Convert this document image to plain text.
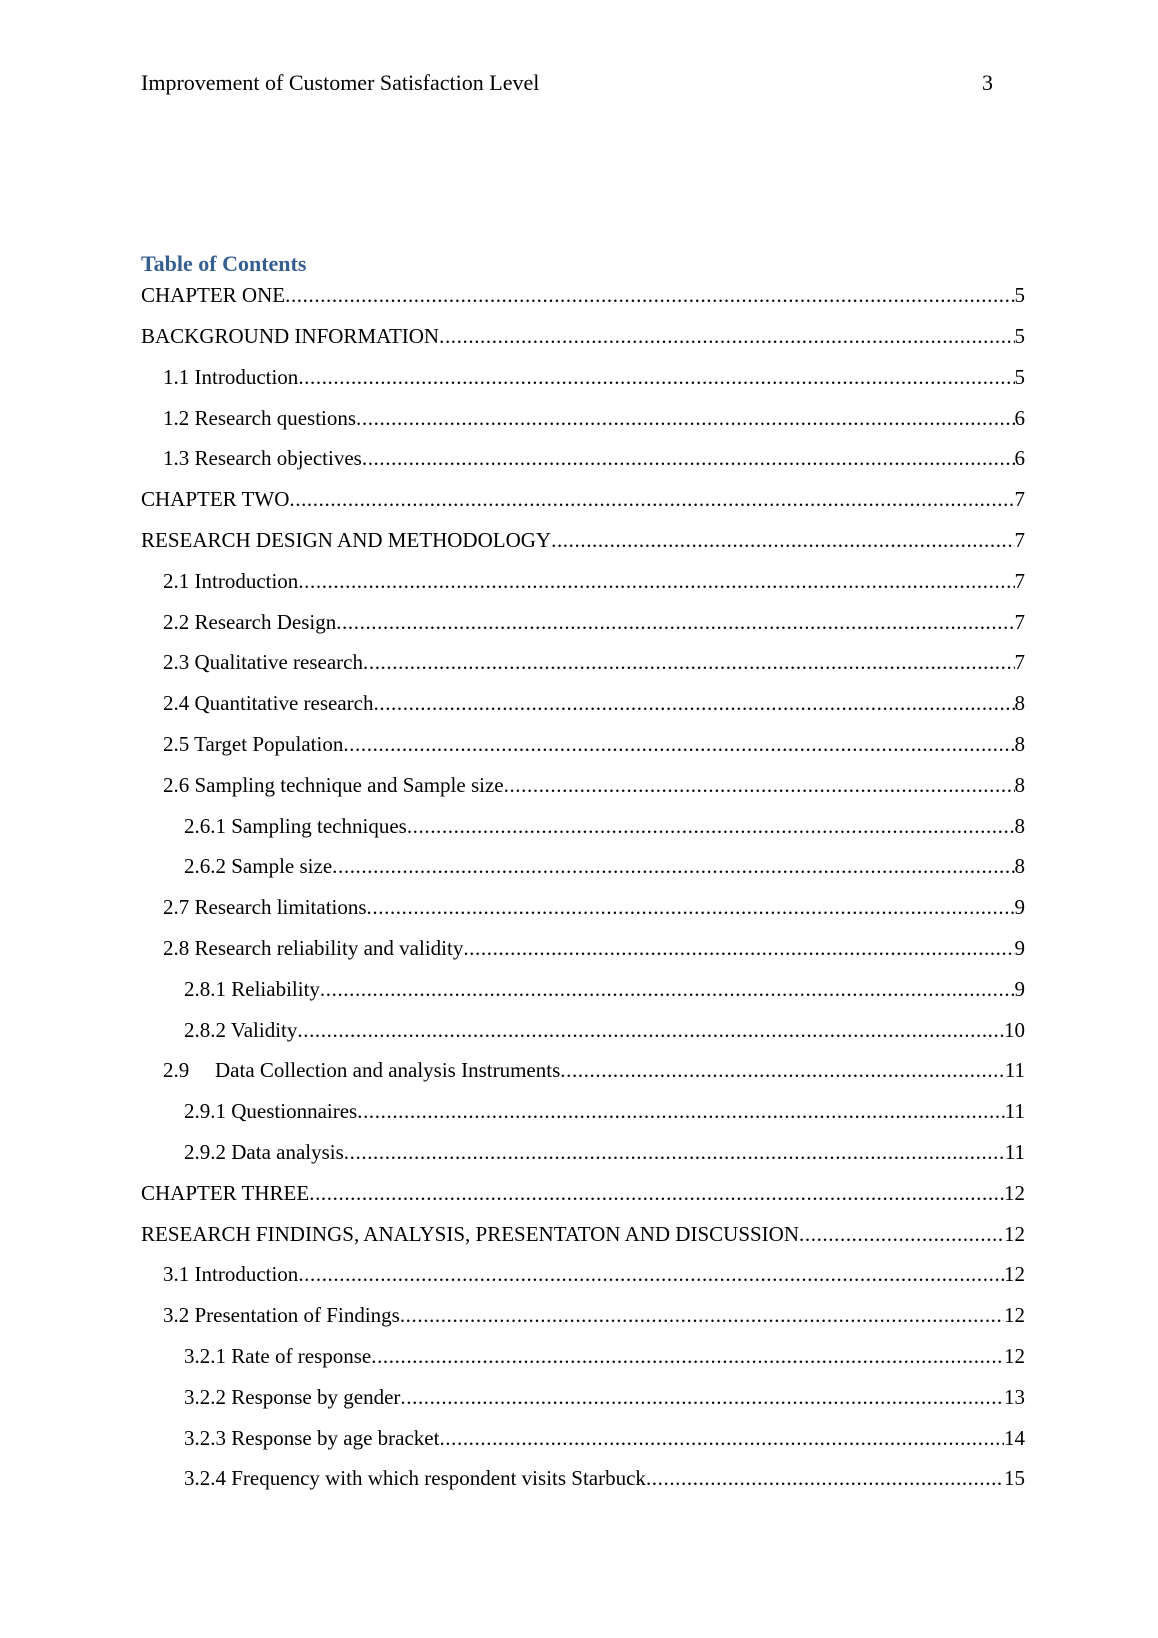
Improvement of Customer Satisfaction Level	3
Table of Contents
CHAPTER ONE .....	5
BACKGROUND INFORMATION .....	5
1.1 Introduction .....	5
1.2 Research questions .....	6
1.3 Research objectives .....	6
CHAPTER TWO .....	7
RESEARCH DESIGN AND METHODOLOGY .....	7
2.1 Introduction .....	7
2.2 Research Design .....	7
2.3 Qualitative research .....	7
2.4 Quantitative research .....	8
2.5 Target Population .....	8
2.6 Sampling technique and Sample size .....	8
2.6.1 Sampling techniques .....	8
2.6.2 Sample size .....	8
2.7 Research limitations .....	9
2.8 Research reliability and validity .....	9
2.8.1 Reliability .....	9
2.8.2 Validity .....	10
2.9 Data Collection and analysis Instruments .....	11
2.9.1 Questionnaires .....	11
2.9.2 Data analysis .....	11
CHAPTER THREE .....	12
RESEARCH FINDINGS, ANALYSIS, PRESENTATON AND DISCUSSION .....	12
3.1 Introduction .....	12
3.2 Presentation of Findings .....	12
3.2.1 Rate of response .....	12
3.2.2 Response by gender .....	13
3.2.3 Response by age bracket .....	14
3.2.4 Frequency with which respondent visits Starbuck .....	15
